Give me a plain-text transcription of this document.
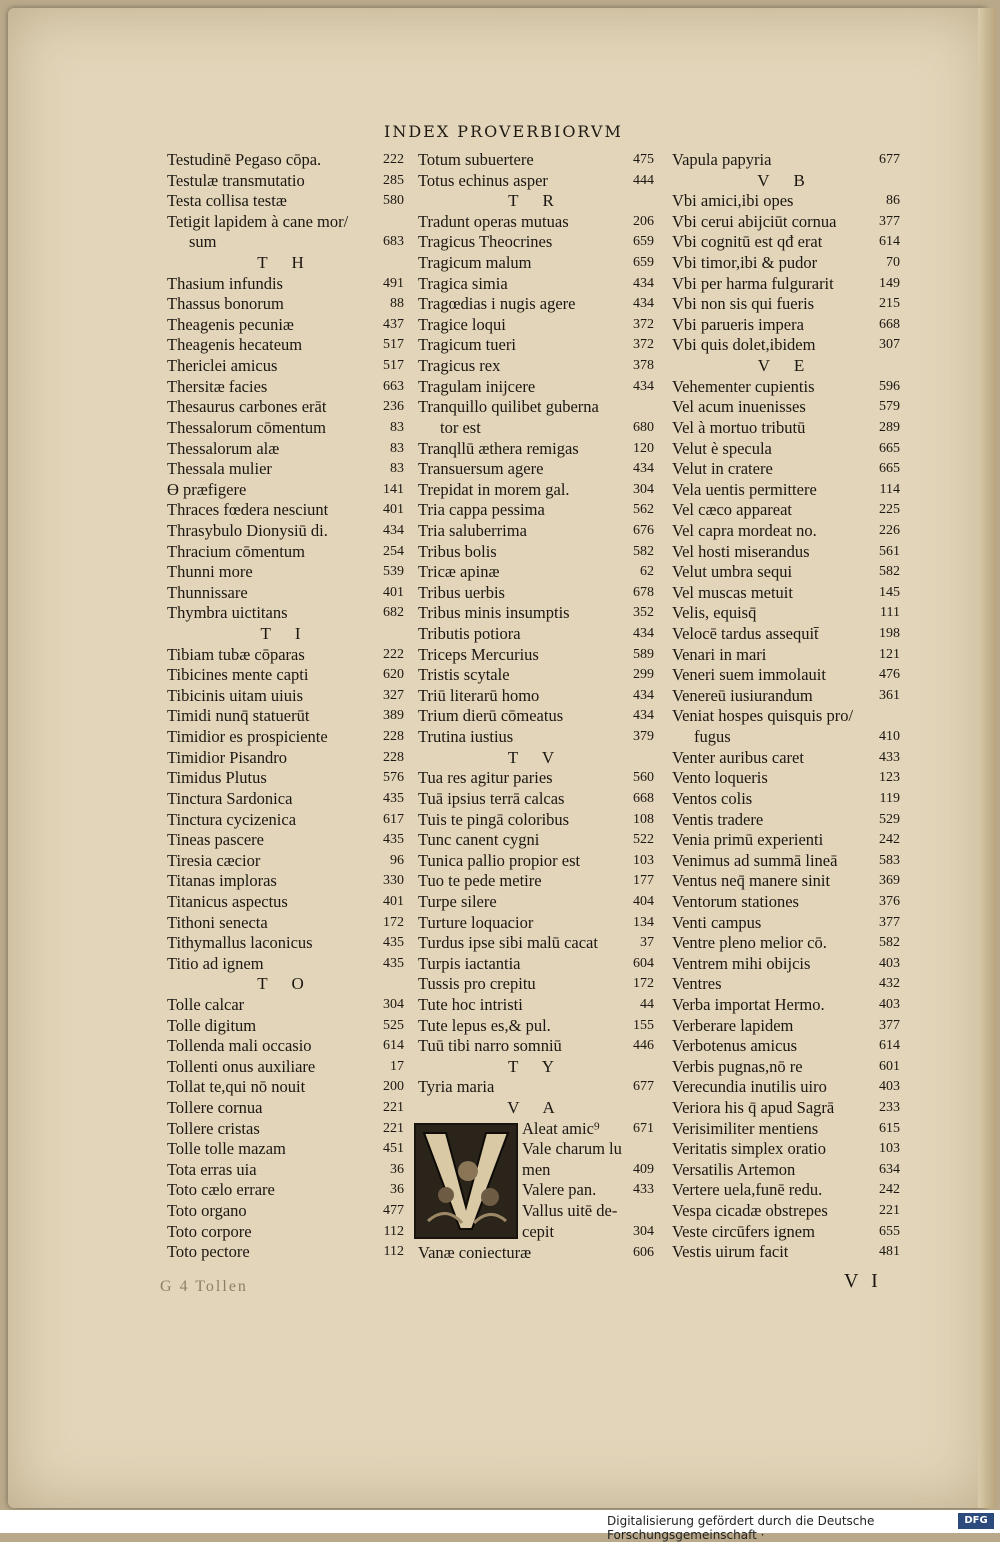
INDEX PROVERBIORVM
Testudinē Pegaso cōpa.	222
Testulæ transmutatio	285
Testa collisa testæ	580
Tetigit lapidem à cane mor/
sum	683
T H
Thasium infundis	491
Thassus bonorum	88
Theagenis pecuniæ	437
Theagenis hecateum	517
Thericlei amicus	517
Thersitæ facies	663
Thesaurus carbones erāt	236
Thessalorum cōmentum	83
Thessalorum alæ	83
Thessala mulier	83
ϴ præfigere	141
Thraces fœdera nesciunt	401
Thrasybulo Dionysiū di.	434
Thracium cōmentum	254
Thunni more	539
Thunnissare	401
Thymbra uictitans	682
T I
Tibiam tubæ cōparas	222
Tibicines mente capti	620
Tibicinis uitam uiuis	327
Timidi nunq̄ statuerūt	389
Timidior es prospiciente	228
Timidior Pisandro	228
Timidus Plutus	576
Tinctura Sardonica	435
Tinctura cycizenica	617
Tineas pascere	435
Tiresia cæcior	96
Titanas imploras	330
Titanicus aspectus	401
Tithoni senecta	172
Tithymallus laconicus	435
Titio ad ignem	435
T O
Tolle calcar	304
Tolle digitum	525
Tollenda mali occasio	614
Tollenti onus auxiliare	17
Tollat te,qui nō nouit	200
Tollere cornua	221
Tollere cristas	221
Tolle tolle mazam	451
Tota erras uia	36
Toto cælo errare	36
Toto organo	477
Toto corpore	112
Toto pectore	112
Totum subuertere	475
Totus echinus asper	444
T R
Tradunt operas mutuas	206
Tragicus Theocrines	659
Tragicum malum	659
Tragica simia	434
Tragœdias i nugis agere	434
Tragice loqui	372
Tragicum tueri	372
Tragicus rex	378
Tragulam inijcere	434
Tranquillo quilibet guberna
tor est	680
Tranqllū æthera remigas	120
Transuersum agere	434
Trepidat in morem gal.	304
Tria cappa pessima	562
Tria saluberrima	676
Tribus bolis	582
Tricæ apinæ	62
Tribus uerbis	678
Tribus minis insumptis	352
Tributis potiora	434
Triceps Mercurius	589
Tristis scytale	299
Triū literarū homo	434
Trium dierū cōmeatus	434
Trutina iustius	379
T V
Tua res agitur paries	560
Tuā ipsius terrā calcas	668
Tuis te pingā coloribus	108
Tunc canent cygni	522
Tunica pallio propior est	103
Tuo te pede metire	177
Turpe silere	404
Turture loquacior	134
Turdus ipse sibi malū cacat	37
Turpis iactantia	604
Tussis pro crepitu	172
Tute hoc intristi	44
Tute lepus es,& pul.	155
Tuū tibi narro somniū	446
T Y
Tyria maria	677
V A
Aleat amic⁹ 671
Vale charum lu
men	409
Valere pan.	433
Vallus uitē de-
cepit	304
Vanæ coniecturæ	606
Vapula papyria	677
V B
Vbi amici,ibi opes	86
Vbi cerui abijciūt cornua	377
Vbi cognitū est qđ erat	614
Vbi timor,ibi & pudor	70
Vbi per harma fulgurarit	149
Vbi non sis qui fueris	215
Vbi parueris impera	668
Vbi quis dolet,ibidem	307
V E
Vehementer cupientis	596
Vel acum inuenisses	579
Vel à mortuo tributū	289
Velut è specula	665
Velut in cratere	665
Vela uentis permittere	114
Vel cæco appareat	225
Vel capra mordeat no.	226
Vel hosti miserandus	561
Velut umbra sequi	582
Vel muscas metuit	145
Velis, equisq̄	111
Velocē tardus assequit̄	198
Venari in mari	121
Veneri suem immolauit	476
Venereū iusiurandum	361
Veniat hospes quisquis pro/
fugus	410
Venter auribus caret	433
Vento loqueris	123
Ventos colis	119
Ventis tradere	529
Venia primū experienti	242
Venimus ad summā lineā	583
Ventus neq̄ manere sinit	369
Ventorum stationes	376
Venti campus	377
Ventre pleno melior cō.	582
Ventrem mihi obijcis	403
Ventres	432
Verba importat Hermo.	403
Verberare lapidem	377
Verbotenus amicus	614
Verbis pugnas,nō re	601
Verecundia inutilis uiro	403
Veriora his q̄ apud Sagrā	233
Verisimiliter mentiens	615
Veritatis simplex oratio	103
Versatilis Artemon	634
Vertere uela,funē redu.	242
Vespa cicadæ obstrepes	221
Veste circūfers ignem	655
Vestis uirum facit	481
G 4 Tollen	V I
Digitalisierung gefördert durch die Deutsche Forschungsgemeinschaft ·
DFG
